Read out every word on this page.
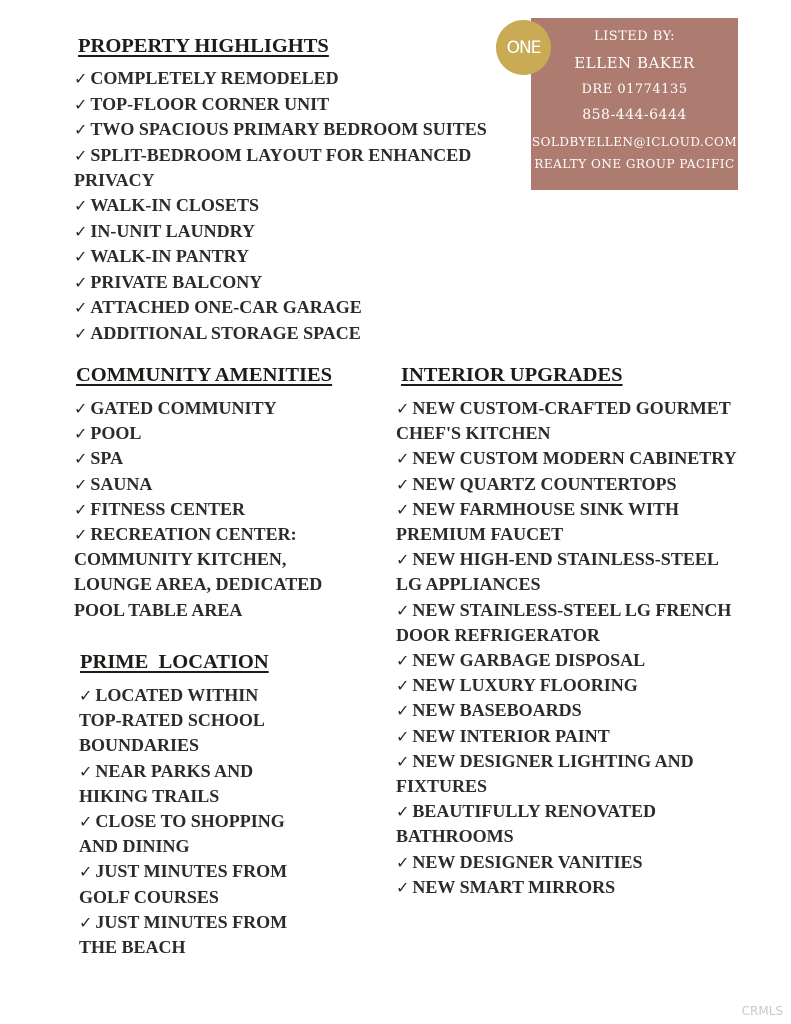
PROPERTY HIGHLIGHTS
✓ COMPLETELY REMODELED
✓ TOP-FLOOR CORNER UNIT
✓ TWO SPACIOUS PRIMARY BEDROOM SUITES
✓ SPLIT-BEDROOM LAYOUT FOR ENHANCED
PRIVACY
✓ WALK-IN CLOSETS
✓ IN-UNIT LAUNDRY
✓ WALK-IN PANTRY
✓ PRIVATE BALCONY
✓ ATTACHED ONE-CAR GARAGE
✓ ADDITIONAL STORAGE SPACE
COMMUNITY AMENITIES
✓ GATED COMMUNITY
✓ POOL
✓ SPA
✓ SAUNA
✓ FITNESS CENTER
✓ RECREATION CENTER:
COMMUNITY KITCHEN,
LOUNGE AREA, DEDICATED
POOL TABLE AREA
PRIME  LOCATION
✓ LOCATED WITHIN
TOP-RATED SCHOOL
BOUNDARIES
✓ NEAR PARKS AND
HIKING TRAILS
✓ CLOSE TO SHOPPING
AND DINING
✓ JUST MINUTES FROM
GOLF COURSES
✓ JUST MINUTES FROM
THE BEACH
INTERIOR UPGRADES
✓ NEW CUSTOM-CRAFTED GOURMET
CHEF'S KITCHEN
✓ NEW CUSTOM MODERN CABINETRY
✓ NEW QUARTZ COUNTERTOPS
✓ NEW FARMHOUSE SINK WITH
PREMIUM FAUCET
✓ NEW HIGH-END STAINLESS-STEEL
LG APPLIANCES
✓ NEW STAINLESS-STEEL LG FRENCH
DOOR REFRIGERATOR
✓ NEW GARBAGE DISPOSAL
✓ NEW LUXURY FLOORING
✓ NEW BASEBOARDS
✓ NEW INTERIOR PAINT
✓ NEW DESIGNER LIGHTING AND
FIXTURES
✓ BEAUTIFULLY RENOVATED
BATHROOMS
✓ NEW DESIGNER VANITIES
✓ NEW SMART MIRRORS
LISTED BY:
ELLEN BAKER
DRE 01774135
858-444-6444
SOLDBYELLEN@ICLOUD.COM
REALTY ONE GROUP PACIFIC
ONE
CRMLS
